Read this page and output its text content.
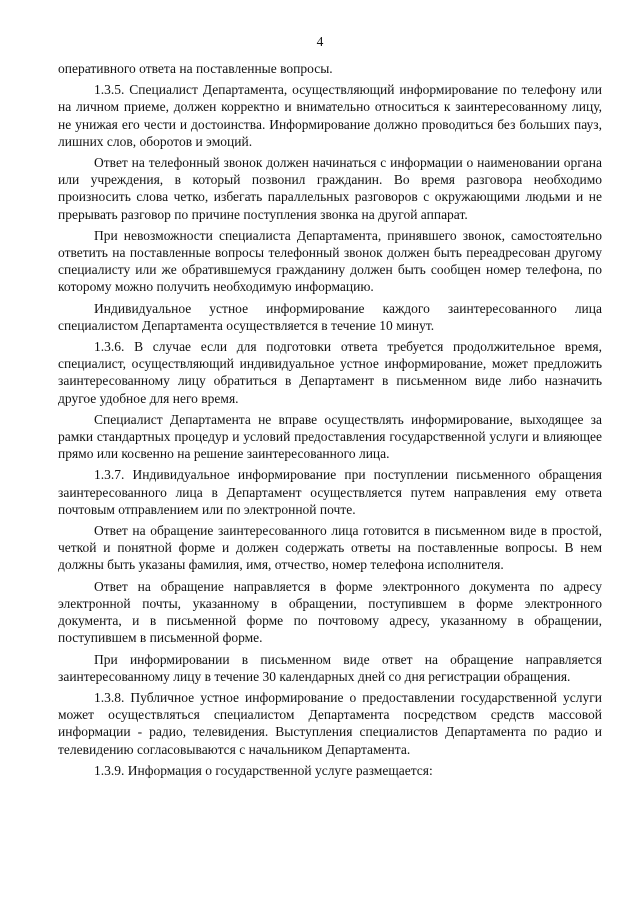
4

оперативного ответа на поставленные вопросы.

1.3.5. Специалист Департамента, осуществляющий информирование по телефону или на личном приеме, должен корректно и внимательно относиться к заинтересованному лицу, не унижая его чести и достоинства. Информирование должно проводиться без больших пауз, лишних слов, оборотов и эмоций.

Ответ на телефонный звонок должен начинаться с информации о наименовании органа или учреждения, в который позвонил гражданин. Во время разговора необходимо произносить слова четко, избегать параллельных разговоров с окружающими людьми и не прерывать разговор по причине поступления звонка на другой аппарат.

При невозможности специалиста Департамента, принявшего звонок, самостоятельно ответить на поставленные вопросы телефонный звонок должен быть переадресован другому специалисту или же обратившемуся гражданину должен быть сообщен номер телефона, по которому можно получить необходимую информацию.

Индивидуальное устное информирование каждого заинтересованного лица специалистом Департамента осуществляется в течение 10 минут.

1.3.6. В случае если для подготовки ответа требуется продолжительное время, специалист, осуществляющий индивидуальное устное информирование, может предложить заинтересованному лицу обратиться в Департамент в письменном виде либо назначить другое удобное для него время.

Специалист Департамента не вправе осуществлять информирование, выходящее за рамки стандартных процедур и условий предоставления государственной услуги и влияющее прямо или косвенно на решение заинтересованного лица.

1.3.7. Индивидуальное информирование при поступлении письменного обращения заинтересованного лица в Департамент осуществляется путем направления ему ответа почтовым отправлением или по электронной почте.

Ответ на обращение заинтересованного лица готовится в письменном виде в простой, четкой и понятной форме и должен содержать ответы на поставленные вопросы. В нем должны быть указаны фамилия, имя, отчество, номер телефона исполнителя.

Ответ на обращение направляется в форме электронного документа по адресу электронной почты, указанному в обращении, поступившем в форме электронного документа, и в письменной форме по почтовому адресу, указанному в обращении, поступившем в письменной форме.

При информировании в письменном виде ответ на обращение направляется заинтересованному лицу в течение 30 календарных дней со дня регистрации обращения.

1.3.8. Публичное устное информирование о предоставлении государственной услуги может осуществляться специалистом Департамента посредством средств массовой информации - радио, телевидения. Выступления специалистов Департамента по радио и телевидению согласовываются с начальником Департамента.

1.3.9. Информация о государственной услуге размещается:
